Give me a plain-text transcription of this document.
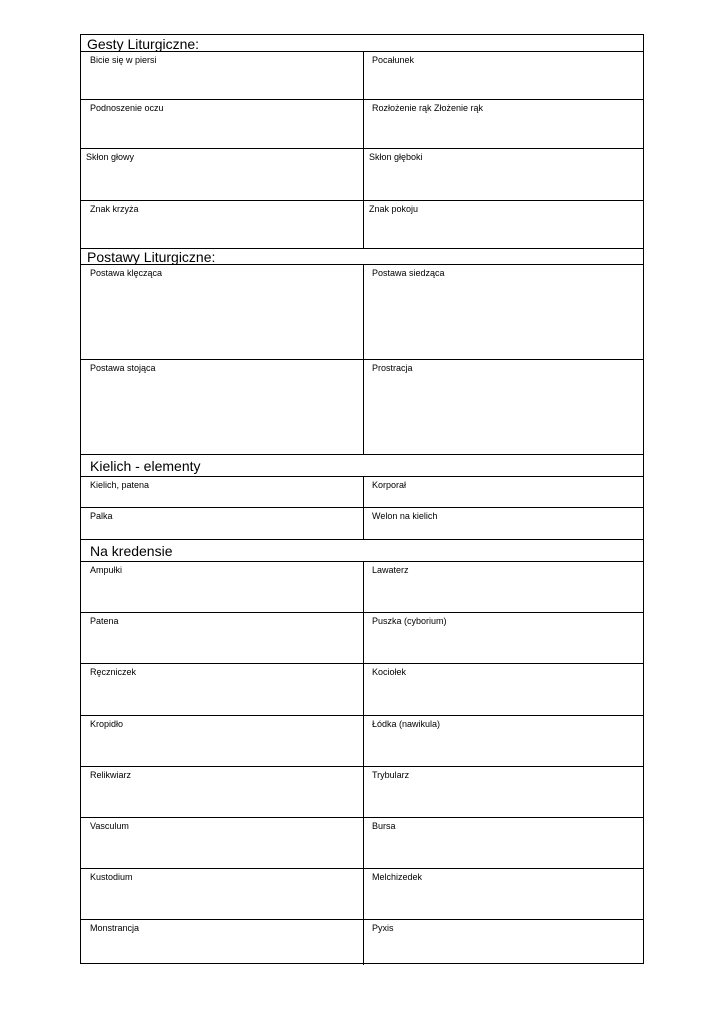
Gesty Liturgiczne:
Bicie się w piersi	Pocałunek
Podnoszenie oczu	Rozłożenie rąk Złożenie rąk
Skłon głowy	Skłon głęboki
Znak krzyża	Znak pokoju
Postawy Liturgiczne:
Postawa klęcząca	Postawa siedząca
Postawa stojąca	Prostracja
Kielich - elementy
Kielich, patena	Korporał
Palka	Welon na kielich
Na kredensie
Ampułki	Lawaterz
Patena	Puszka (cyborium)
Ręczniczek	Kociołek
Kropidło	Łódka (nawikula)
Relikwiarz	Trybularz
Vasculum	Bursa
Kustodium	Melchizedek
Monstrancja	Pyxis
